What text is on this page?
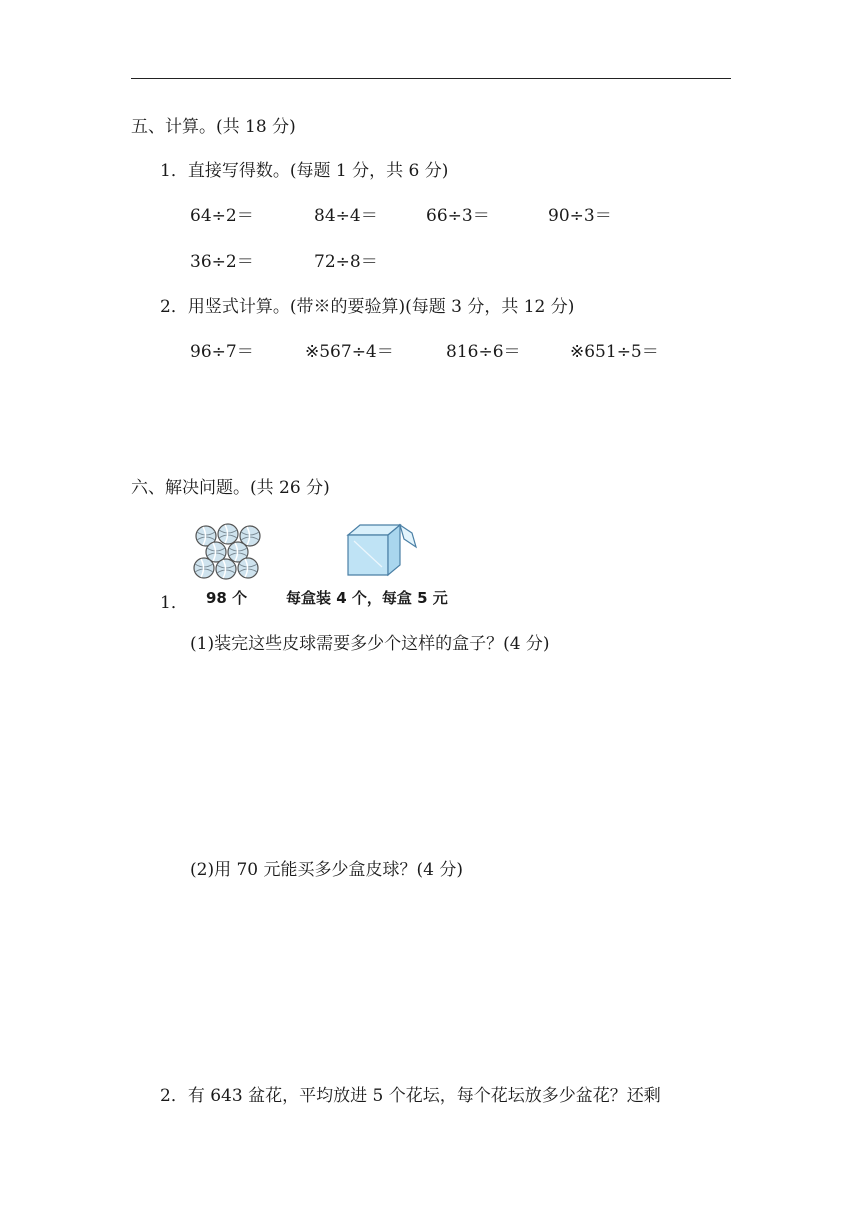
五、计算。(共 18 分)
1．直接写得数。(每题 1 分，共 6 分)
64÷2＝	84÷4＝	66÷3＝	90÷3＝
36÷2＝	72÷8＝
2．用竖式计算。(带※的要验算)(每题 3 分，共 12 分)
96÷7＝	※567÷4＝	816÷6＝	※651÷5＝
六、解决问题。(共 26 分)
1． 98 个	每盒装 4 个，每盒 5 元
(1)装完这些皮球需要多少个这样的盒子？(4 分)
(2)用 70 元能买多少盒皮球？(4 分)
2．有 643 盆花，平均放进 5 个花坛，每个花坛放多少盆花？还剩
